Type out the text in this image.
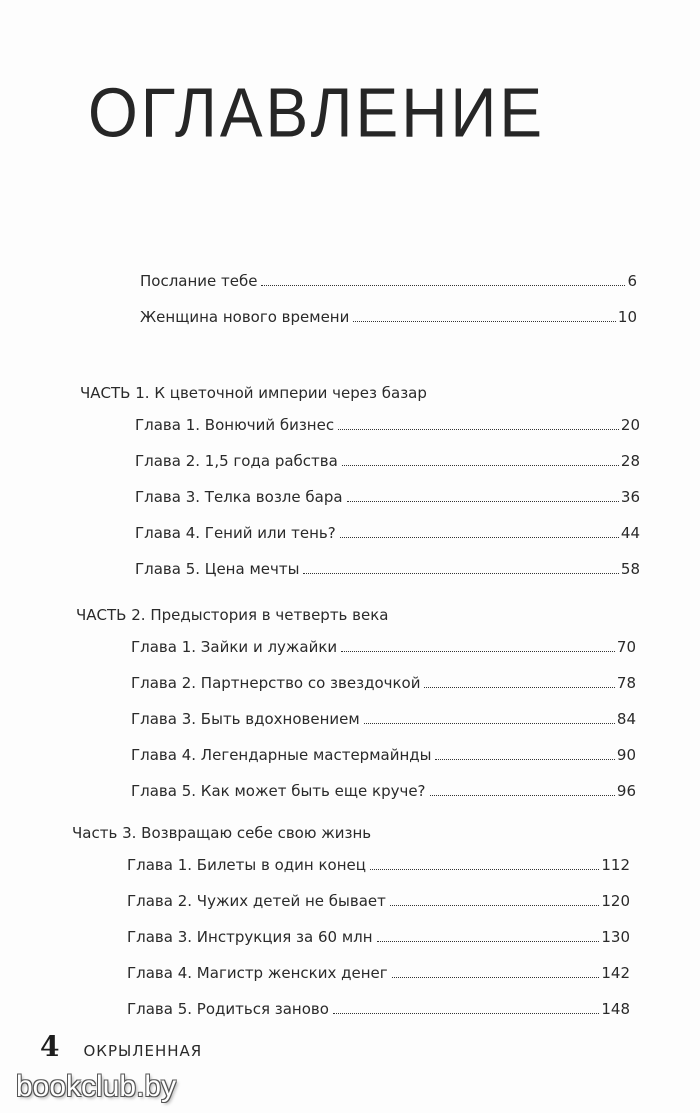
ОГЛАВЛЕНИЕ
Послание тебе	6
Женщина нового времени	10

ЧАСТЬ 1. К цветочной империи через базар

Глава 1. Вонючий бизнес	20
Глава 2. 1,5 года рабства	28
Глава 3. Телка возле бара	36
Глава 4. Гений или тень?	44
Глава 5. Цена мечты	58

ЧАСТЬ 2. Предыстория в четверть века

Глава 1. Зайки и лужайки	70
Глава 2. Партнерство со звездочкой	78
Глава 3. Быть вдохновением	84
Глава 4. Легендарные мастермайнды	90
Глава 5. Как может быть еще круче?	96

Часть 3. Возвращаю себе свою жизнь

Глава 1. Билеты в один конец	112
Глава 2. Чужих детей не бывает	120
Глава 3. Инструкция за 60 млн	130
Глава 4. Магистр женских денег	142
Глава 5. Родиться заново	148
4 ОКРЫЛЕННАЯ
bookclub.by
